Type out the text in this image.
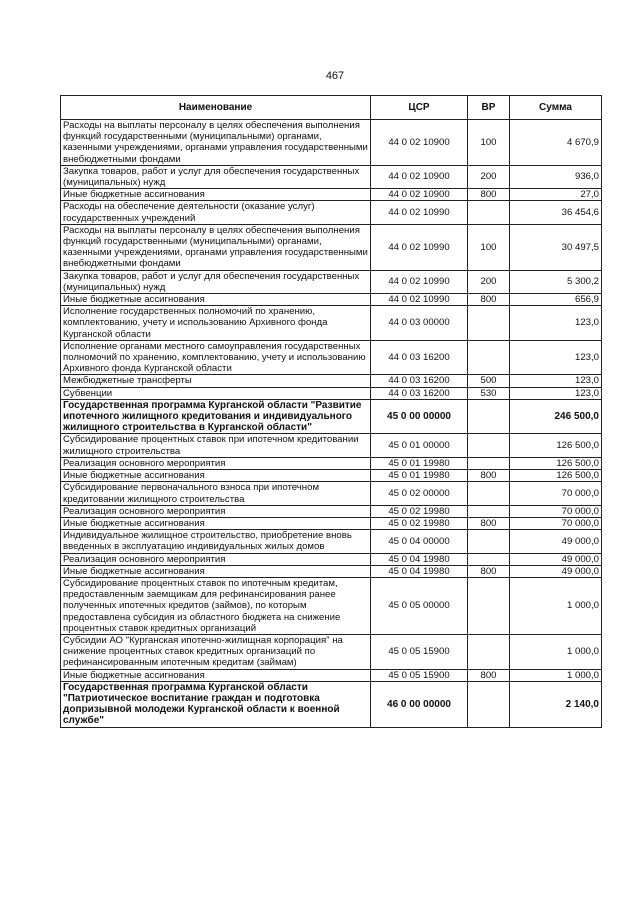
467
Наименование	ЦСР	ВР	Сумма
Расходы на выплаты персоналу в целях обеспечения выполнения функций государственными (муниципальными) органами, казенными учреждениями, органами управления государственными внебюджетными фондами	44 0 02 10900	100	4 670,9
Закупка товаров, работ и услуг для обеспечения государственных (муниципальных) нужд	44 0 02 10900	200	936,0
Иные бюджетные ассигнования	44 0 02 10900	800	27,0
Расходы на обеспечение деятельности (оказание услуг) государственных учреждений	44 0 02 10990		36 454,6
Расходы на выплаты персоналу в целях обеспечения выполнения функций государственными (муниципальными) органами, казенными учреждениями, органами управления государственными внебюджетными фондами	44 0 02 10990	100	30 497,5
Закупка товаров, работ и услуг для обеспечения государственных (муниципальных) нужд	44 0 02 10990	200	5 300,2
Иные бюджетные ассигнования	44 0 02 10990	800	656,9
Исполнение государственных полномочий по хранению, комплектованию, учету и использованию Архивного фонда Курганской области	44 0 03 00000		123,0
Исполнение органами местного самоуправления государственных полномочий по хранению, комплектованию, учету и использованию Архивного фонда Курганской области	44 0 03 16200		123,0
Межбюджетные трансферты	44 0 03 16200	500	123,0
Субвенции	44 0 03 16200	530	123,0
Государственная программа Курганской области "Развитие ипотечного жилищного кредитования и индивидуального жилищного строительства в Курганской области"	45 0 00 00000		246 500,0
Субсидирование процентных ставок при ипотечном кредитовании жилищного строительства	45 0 01 00000		126 500,0
Реализация основного мероприятия	45 0 01 19980		126 500,0
Иные бюджетные ассигнования	45 0 01 19980	800	126 500,0
Субсидирование первоначального взноса при ипотечном кредитовании жилищного строительства	45 0 02 00000		70 000,0
Реализация основного мероприятия	45 0 02 19980		70 000,0
Иные бюджетные ассигнования	45 0 02 19980	800	70 000,0
Индивидуальное жилищное строительство, приобретение вновь введенных в эксплуатацию индивидуальных жилых домов	45 0 04 00000		49 000,0
Реализация основного мероприятия	45 0 04 19980		49 000,0
Иные бюджетные ассигнования	45 0 04 19980	800	49 000,0
Субсидирование процентных ставок по ипотечным кредитам, предоставленным заемщикам для рефинансирования ранее полученных ипотечных кредитов (займов), по которым предоставлена субсидия из областного бюджета на снижение процентных ставок кредитных организаций	45 0 05 00000		1 000,0
Субсидии АО "Курганская ипотечно-жилищная корпорация" на снижение процентных ставок кредитных организаций по рефинансированным ипотечным кредитам (займам)	45 0 05 15900		1 000,0
Иные бюджетные ассигнования	45 0 05 15900	800	1 000,0
Государственная программа Курганской области "Патриотическое воспитание граждан и подготовка допризывной молодежи Курганской области к военной службе"	46 0 00 00000		2 140,0
